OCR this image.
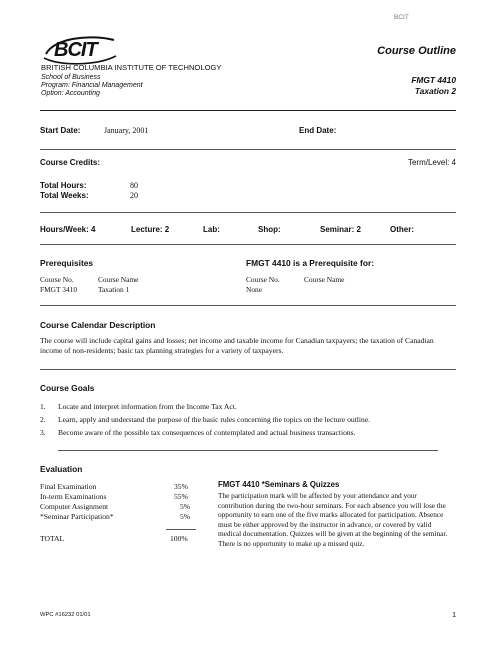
BCIT
BCIT	Course Outline
BRITISH COLUMBIA INSTITUTE OF TECHNOLOGY
School of Business
Program: Financial Management
Option: Accounting
FMGT 4410
Taxation 2
Start Date:	January, 2001	End Date:
Course Credits:	Term/Level: 4
Total Hours:	80
Total Weeks:	20
Hours/Week: 4	Lecture: 2	Lab:	Shop:	Seminar: 2	Other:
Prerequisites
Course No.	Course Name
FMGT 3410	Taxation 1
FMGT 4410 is a Prerequisite for:
Course No.	Course Name
None
Course Calendar Description
The course will include capital gains and losses; net income and taxable income for Canadian taxpayers; the taxation of Canadian income of non-residents; basic tax planning strategies for a variety of taxpayers.
Course Goals
1. Locate and interpret information from the Income Tax Act.
2. Learn, apply and understand the purpose of the basic rules concerning the topics on the lecture outline.
3. Become aware of the possible tax consequences of contemplated and actual business transactions.
Evaluation
Final Examination	35%
In-term Examinations	55%
Computer Assignment	5%
*Seminar Participation*	5%
TOTAL	100%
FMGT 4410 *Seminars & Quizzes
The participation mark will be affected by your attendance and your contribution during the two-hour seminars. For each absence you will lose the opportunity to earn one of the five marks allocated for participation. Absence must be either approved by the instructor in advance, or covered by valid medical documentation. Quizzes will be given at the beginning of the seminar. There is no opportunity to make up a missed quiz.
WPC #16232 01/01	1
